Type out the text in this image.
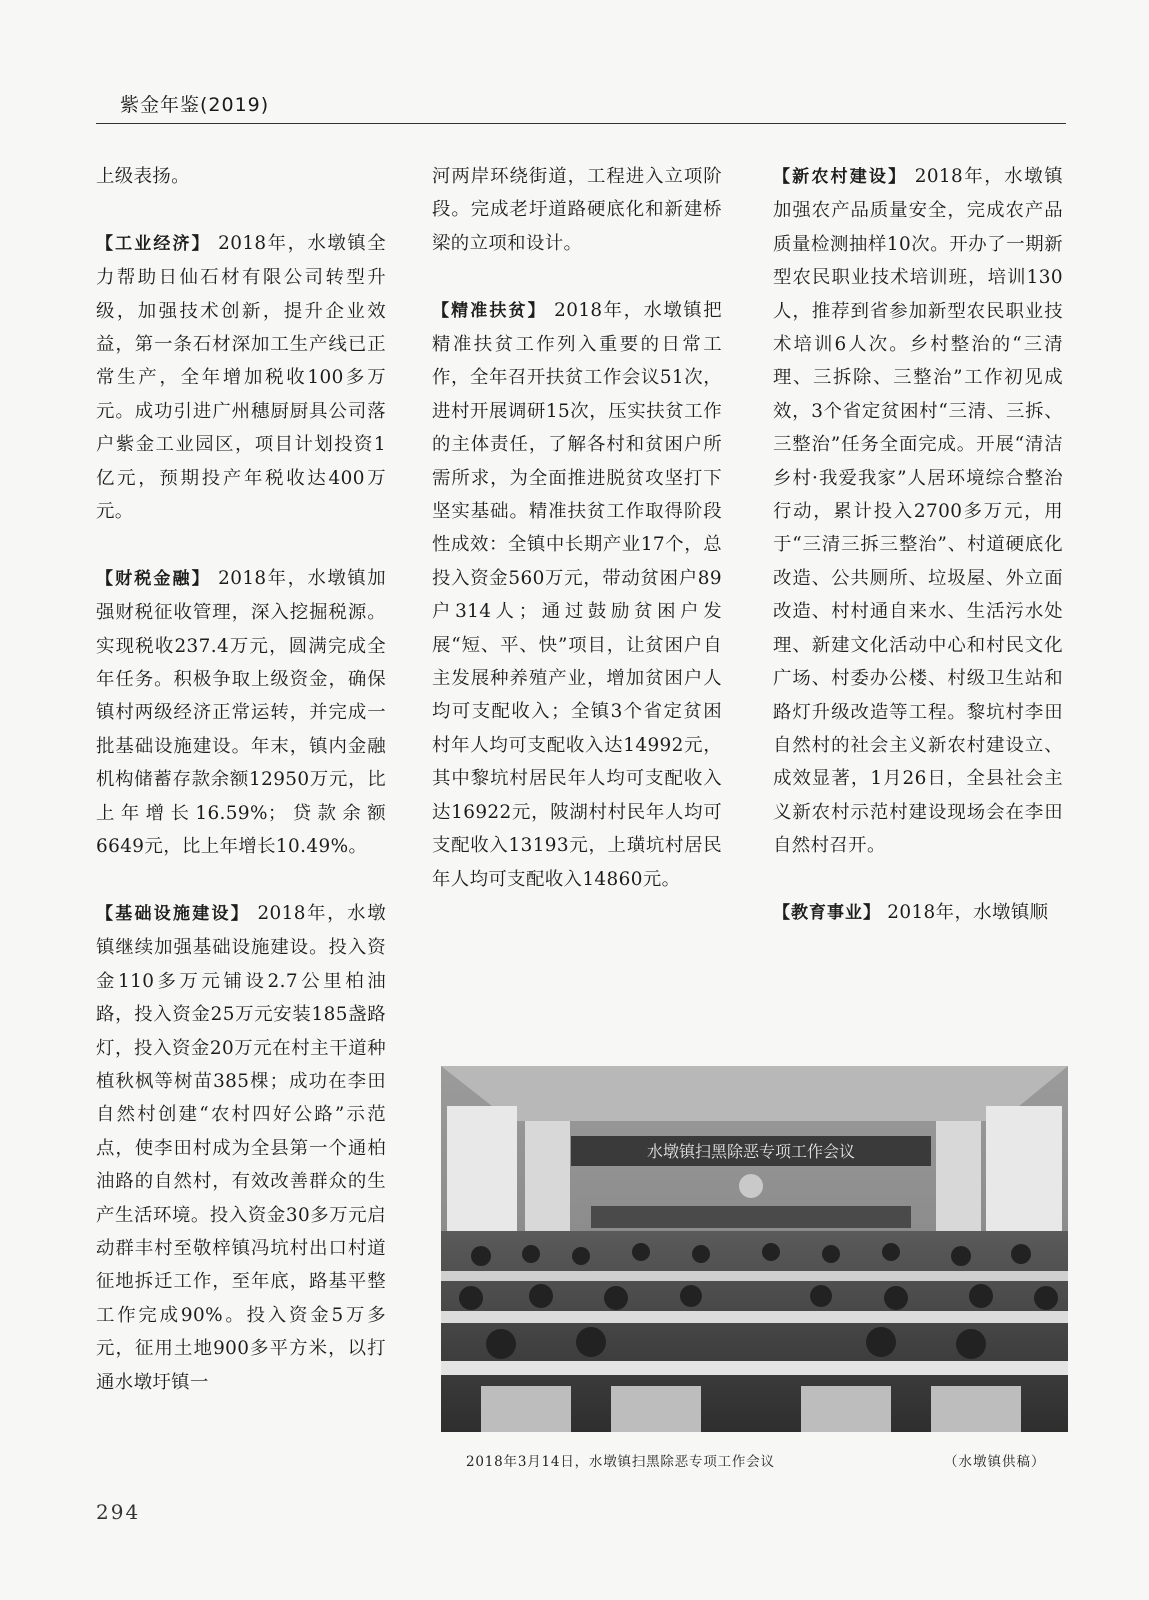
紫金年鉴(2019)

上级表扬。

【工业经济】 2018年，水墩镇全力帮助日仙石材有限公司转型升级，加强技术创新，提升企业效益，第一条石材深加工生产线已正常生产，全年增加税收100多万元。成功引进广州穗厨厨具公司落户紫金工业园区，项目计划投资1亿元，预期投产年税收达400万元。

【财税金融】 2018年，水墩镇加强财税征收管理，深入挖掘税源。实现税收237.4万元，圆满完成全年任务。积极争取上级资金，确保镇村两级经济正常运转，并完成一批基础设施建设。年末，镇内金融机构储蓄存款余额12950万元，比上年增长16.59%；贷款余额6649元，比上年增长10.49%。

【基础设施建设】 2018年，水墩镇继续加强基础设施建设。投入资金110多万元铺设2.7公里柏油路，投入资金25万元安装185盏路灯，投入资金20万元在村主干道种植秋枫等树苗385棵；成功在李田自然村创建“农村四好公路”示范点，使李田村成为全县第一个通柏油路的自然村，有效改善群众的生产生活环境。投入资金30多万元启动群丰村至敬梓镇冯坑村出口村道征地拆迁工作，至年底，路基平整工作完成90%。投入资金5万多元，征用土地900多平方米，以打通水墩圩镇一

河两岸环绕街道，工程进入立项阶段。完成老圩道路硬底化和新建桥梁的立项和设计。

【精准扶贫】 2018年，水墩镇把精准扶贫工作列入重要的日常工作，全年召开扶贫工作会议51次，进村开展调研15次，压实扶贫工作的主体责任，了解各村和贫困户所需所求，为全面推进脱贫攻坚打下坚实基础。精准扶贫工作取得阶段性成效：全镇中长期产业17个，总投入资金560万元，带动贫困户89户314人；通过鼓励贫困户发展“短、平、快”项目，让贫困户自主发展种养殖产业，增加贫困户人均可支配收入；全镇3个省定贫困村年人均可支配收入达14992元，其中黎坑村居民年人均可支配收入达16922元，陂湖村村民年人均可支配收入13193元，上璜坑村居民年人均可支配收入14860元。

【新农村建设】 2018年，水墩镇加强农产品质量安全，完成农产品质量检测抽样10次。开办了一期新型农民职业技术培训班，培训130人，推荐到省参加新型农民职业技术培训6人次。乡村整治的“三清理、三拆除、三整治”工作初见成效，3个省定贫困村“三清、三拆、三整治”任务全面完成。开展“清洁乡村·我爱我家”人居环境综合整治行动，累计投入2700多万元，用于“三清三拆三整治”、村道硬底化改造、公共厕所、垃圾屋、外立面改造、村村通自来水、生活污水处理、新建文化活动中心和村民文化广场、村委办公楼、村级卫生站和路灯升级改造等工程。黎坑村李田自然村的社会主义新农村建设立、成效显著，1月26日，全县社会主义新农村示范村建设现场会在李田自然村召开。

【教育事业】 2018年，水墩镇顺

水墩镇扫黑除恶专项工作会议
2018年3月14日，水墩镇扫黑除恶专项工作会议	（水墩镇供稿）
294
